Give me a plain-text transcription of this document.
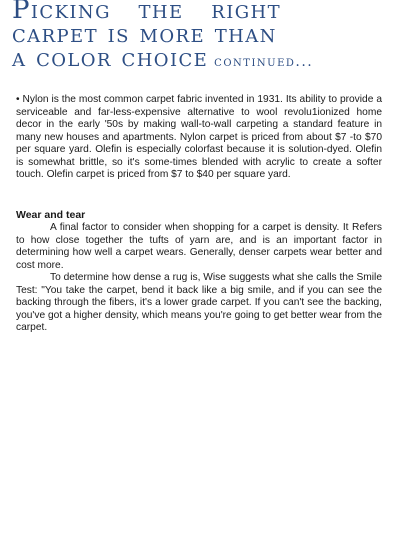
Picking the right
carpet is more than
a color choice continued...

• Nylon is the most common carpet fabric invented in 1931. Its ability to provide a serviceable and far-less-expensive alternative to wool revolu1ionized home decor in the early '50s by making wall-to-wall carpeting a standard feature in many new houses and apartments. Nylon carpet is priced from about $7 -to $70 per square yard. Olefin is especially colorfast because it is solution-dyed. Olefin is somewhat brittle, so it's some-times blended with acrylic to create a softer touch. Olefin carpet is priced from $7 to $40 per square yard.

Wear and tear

A final factor to consider when shopping for a carpet is density. It Refers to how close together the tufts of yarn are, and is an important factor in determining how well a carpet wears. Generally, denser carpets wear better and cost more.

To determine how dense a rug is, Wise suggests what she calls the Smile Test: "You take the carpet, bend it back like a big smile, and if you can see the backing through the fibers, it's a lower grade carpet. If you can't see the backing, you've got a higher density, which means you're going to get better wear from the carpet.
